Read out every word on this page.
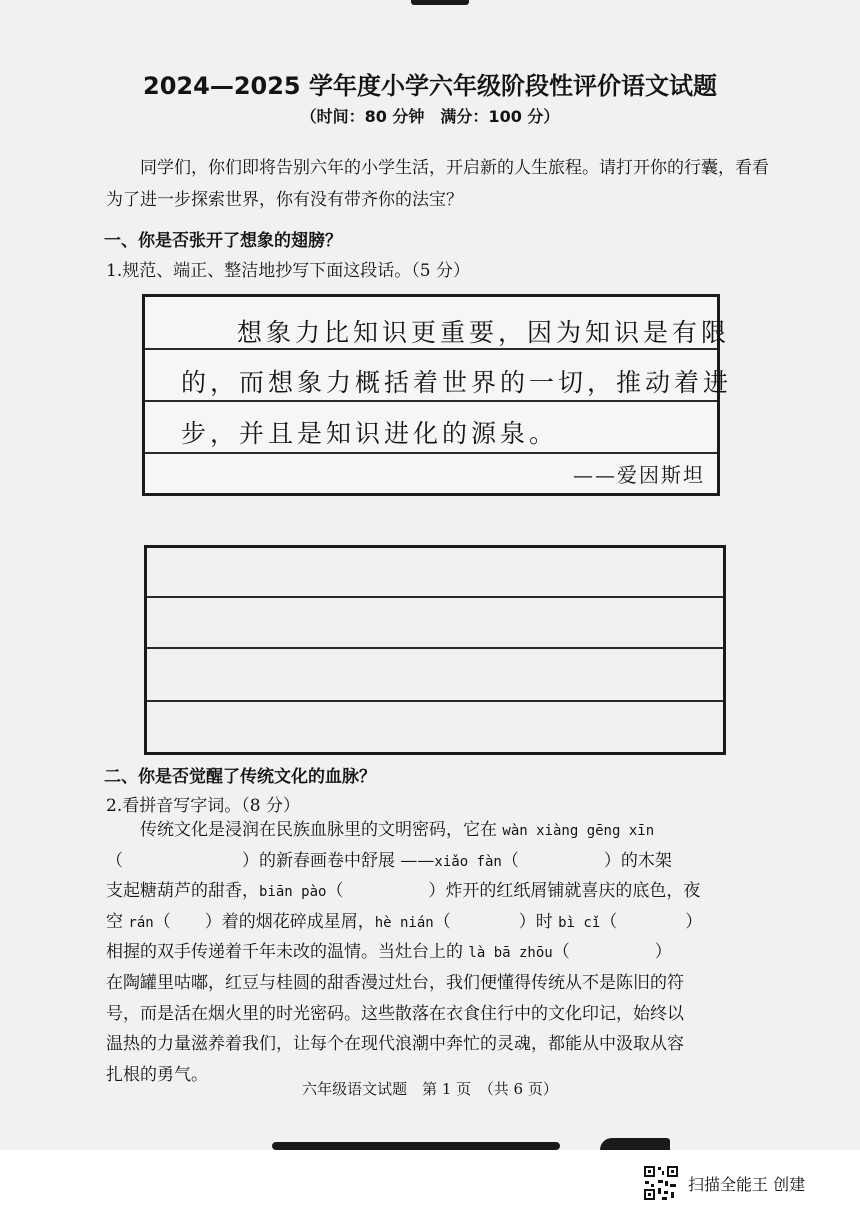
2024—2025 学年度小学六年级阶段性评价语文试题
（时间：80 分钟　满分：100 分）
同学们，你们即将告别六年的小学生活，开启新的人生旅程。请打开你的行囊，看看为了进一步探索世界，你有没有带齐你的法宝？
一、你是否张开了想象的翅膀？
1.规范、端正、整洁地抄写下面这段话。（5 分）
想象力比知识更重要，因为知识是有限
的，而想象力概括着世界的一切，推动着进
步，并且是知识进化的源泉。
——爱因斯坦
二、你是否觉醒了传统文化的血脉？
2.看拼音写字词。（8 分）
传统文化是浸润在民族血脉里的文明密码，它在 wàn xiàng gēng xīn
（　　　　　　　）的新春画卷中舒展 ——xiǎo fàn（　　　　　）的木架
支起糖葫芦的甜香，biān pào（　　　　　）炸开的红纸屑铺就喜庆的底色，夜
空 rán（　　）着的烟花碎成星屑，hè nián（　　　　）时 bì cǐ（　　　　）
相握的双手传递着千年未改的温情。当灶台上的 là bā zhōu（　　　　　）
在陶罐里咕嘟，红豆与桂圆的甜香漫过灶台，我们便懂得传统从不是陈旧的符
号，而是活在烟火里的时光密码。这些散落在衣食住行中的文化印记，始终以
温热的力量滋养着我们，让每个在现代浪潮中奔忙的灵魂，都能从中汲取从容
扎根的勇气。
六年级语文试题　第 1 页　（共 6 页）
扫描全能王 创建
